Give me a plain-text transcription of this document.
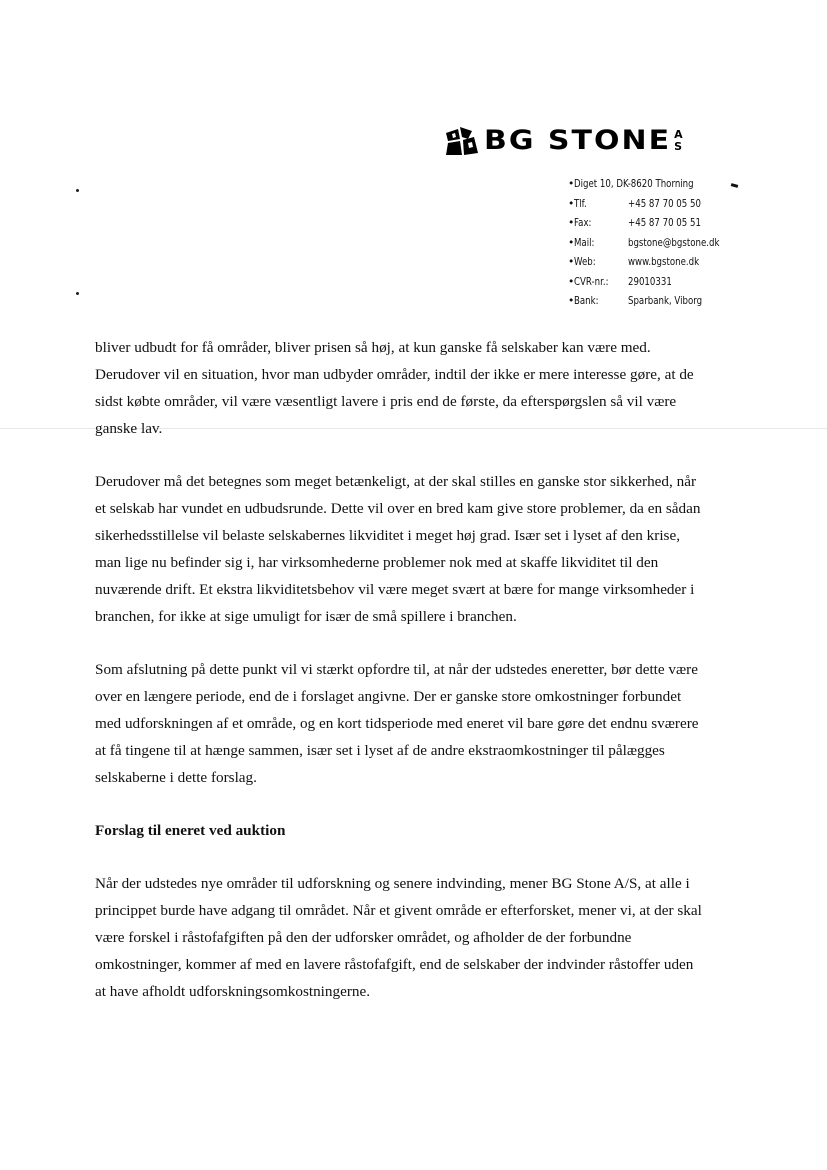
BG STONE A
S
• Diget 10, DK-8620 Thorning
• Tlf.	+45 87 70 05 50
• Fax:	+45 87 70 05 51
• Mail:	bgstone@bgstone.dk
• Web:	www.bgstone.dk
• CVR-nr.:	29010331
• Bank:	Sparbank, Viborg
bliver udbudt for få områder, bliver prisen så høj, at kun ganske få selskaber kan være med.
Derudover vil en situation, hvor man udbyder områder, indtil der ikke er mere interesse gøre, at de
sidst købte områder, vil være væsentligt lavere i pris end de første, da efterspørgslen så vil være
ganske lav.
Derudover må det betegnes som meget betænkeligt, at der skal stilles en ganske stor sikkerhed, når
et selskab har vundet en udbudsrunde. Dette vil over en bred kam give store problemer, da en sådan
sikerhedsstillelse vil belaste selskabernes likviditet i meget høj grad. Især set i lyset af den krise,
man lige nu befinder sig i, har virksomhederne problemer nok med at skaffe likviditet til den
nuværende drift. Et ekstra likviditetsbehov vil være meget svært at bære for mange virksomheder i
branchen, for ikke at sige umuligt for især de små spillere i branchen.
Som afslutning på dette punkt vil vi stærkt opfordre til, at når der udstedes eneretter, bør dette være
over en længere periode, end de i forslaget angivne. Der er ganske store omkostninger forbundet
med udforskningen af et område, og en kort tidsperiode med eneret vil bare gøre det endnu sværere
at få tingene til at hænge sammen, især set i lyset af de andre ekstraomkostninger til pålægges
selskaberne i dette forslag.
Forslag til eneret ved auktion
Når der udstedes nye områder til udforskning og senere indvinding, mener BG Stone A/S, at alle i
princippet burde have adgang til området. Når et givent område er efterforsket, mener vi, at der skal
være forskel i råstofafgiften på den der udforsker området, og afholder de der forbundne
omkostninger, kommer af med en lavere råstofafgift, end de selskaber der indvinder råstoffer uden
at have afholdt udforskningsomkostningerne.
